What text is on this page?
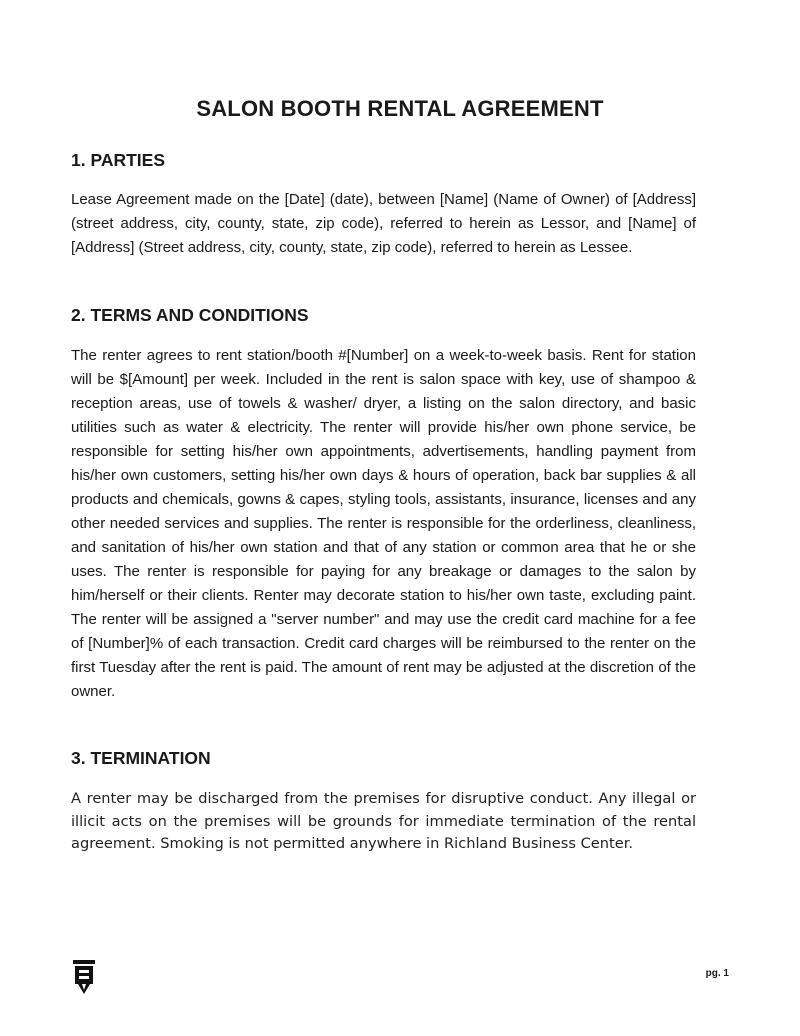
SALON BOOTH RENTAL AGREEMENT
1. PARTIES

Lease Agreement made on the [Date] (date), between [Name] (Name of Owner) of [Address] (street address, city, county, state, zip code), referred to herein as Lessor, and [Name] of [Address] (Street address, city, county, state, zip code), referred to herein as Lessee.

2. TERMS AND CONDITIONS

The renter agrees to rent station/booth #[Number] on a week-to-week basis. Rent for station will be $[Amount] per week. Included in the rent is salon space with key, use of shampoo & reception areas, use of towels & washer/ dryer, a listing on the salon directory, and basic utilities such as water & electricity. The renter will provide his/her own phone service, be responsible for setting his/her own appointments, advertisements, handling payment from his/her own customers, setting his/her own days & hours of operation, back bar supplies & all products and chemicals, gowns & capes, styling tools, assistants, insurance, licenses and any other needed services and supplies. The renter is responsible for the orderliness, cleanliness, and sanitation of his/her own station and that of any station or common area that he or she uses. The renter is responsible for paying for any breakage or damages to the salon by him/herself or their clients. Renter may decorate station to his/her own taste, excluding paint. The renter will be assigned a "server number" and may use the credit card machine for a fee of [Number]% of each transaction. Credit card charges will be reimbursed to the renter on the first Tuesday after the rent is paid. The amount of rent may be adjusted at the discretion of the owner.

3. TERMINATION

A renter may be discharged from the premises for disruptive conduct. Any illegal or illicit acts on the premises will be grounds for immediate termination of the rental agreement. Smoking is not permitted anywhere in Richland Business Center.

pg. 1
